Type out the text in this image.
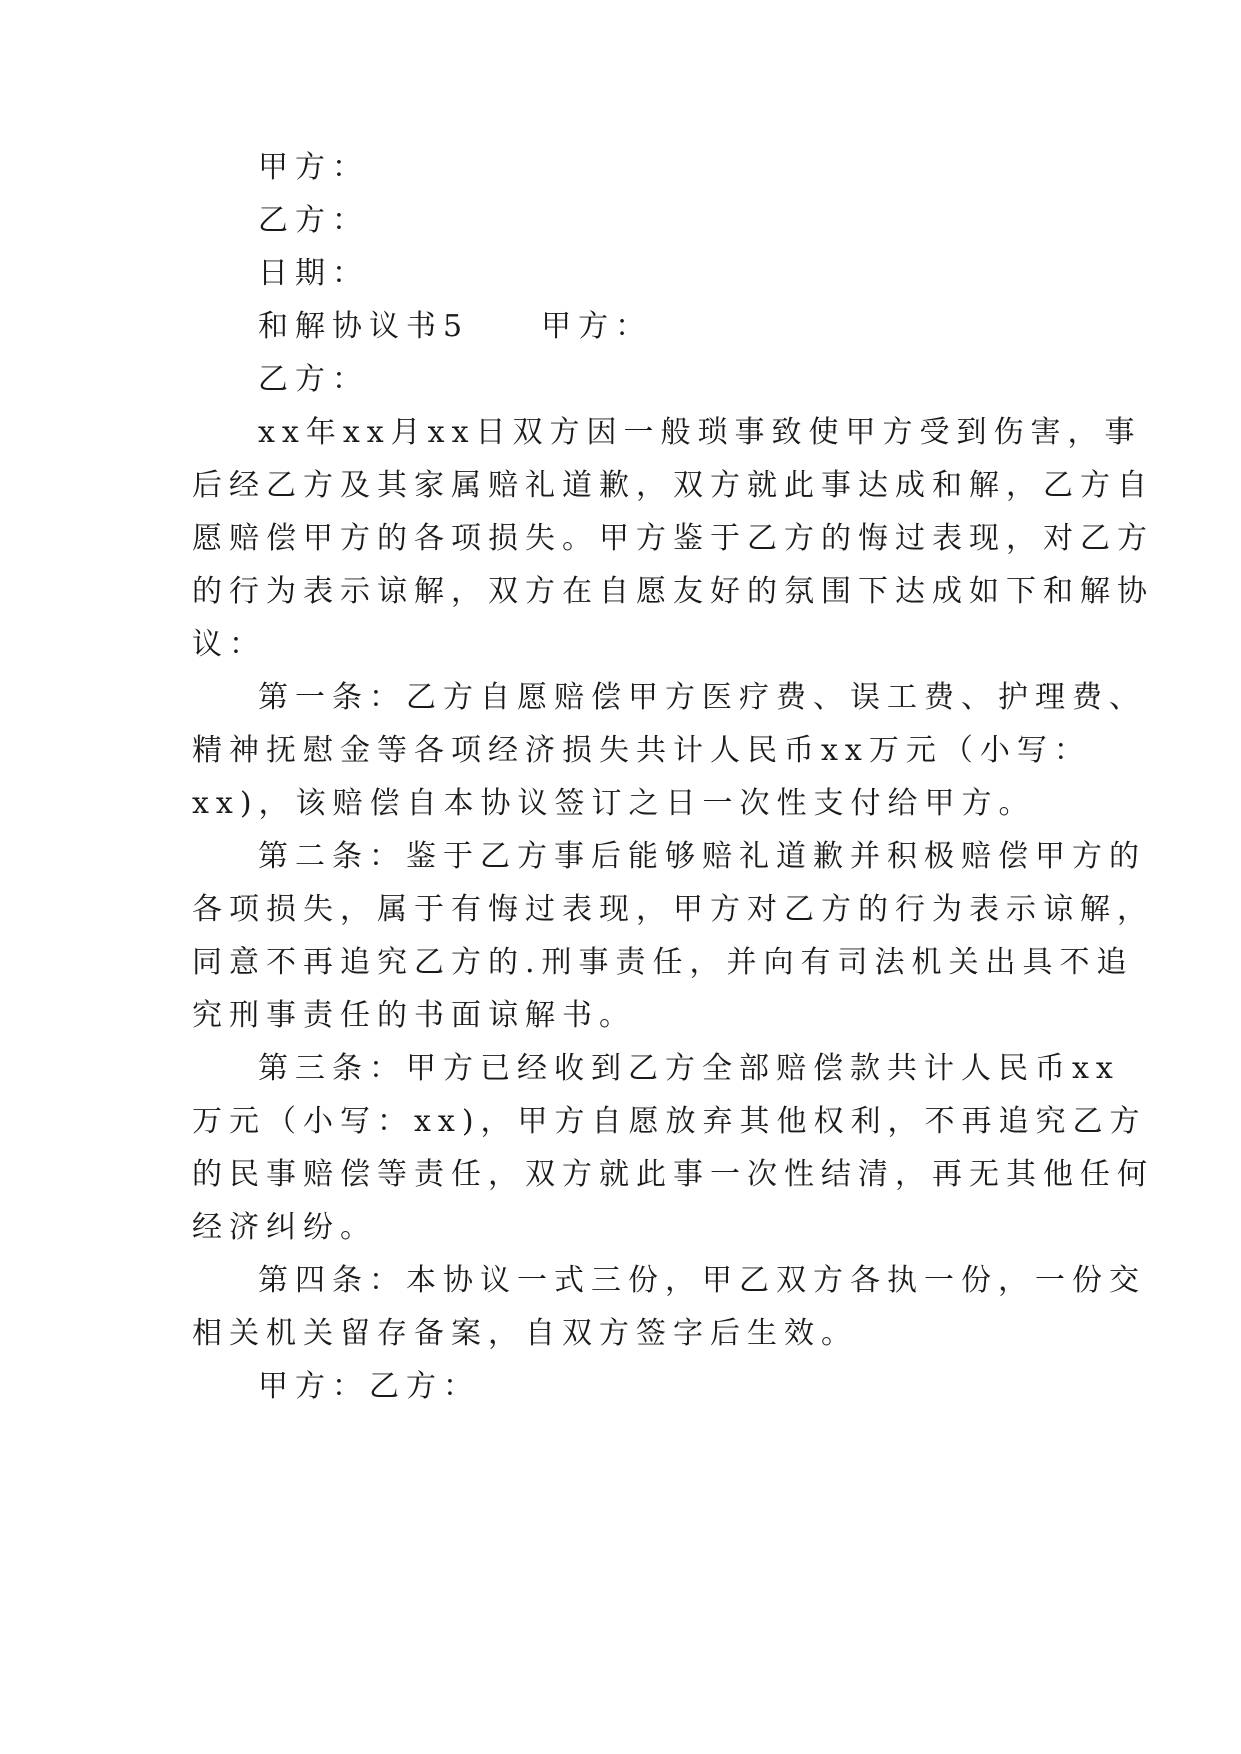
甲方：
乙方：
日期：
和解协议书5 甲方：
乙方：
xx年xx月xx日双方因一般琐事致使甲方受到伤害，事
后经乙方及其家属赔礼道歉，双方就此事达成和解，乙方自
愿赔偿甲方的各项损失。甲方鉴于乙方的悔过表现，对乙方
的行为表示谅解，双方在自愿友好的氛围下达成如下和解协
议：
第一条：乙方自愿赔偿甲方医疗费、误工费、护理费、
精神抚慰金等各项经济损失共计人民币xx万元（小写：
xx)，该赔偿自本协议签订之日一次性支付给甲方。
第二条：鉴于乙方事后能够赔礼道歉并积极赔偿甲方的
各项损失，属于有悔过表现，甲方对乙方的行为表示谅解，
同意不再追究乙方的.刑事责任，并向有司法机关出具不追
究刑事责任的书面谅解书。
第三条：甲方已经收到乙方全部赔偿款共计人民币xx
万元（小写：xx)，甲方自愿放弃其他权利，不再追究乙方
的民事赔偿等责任，双方就此事一次性结清，再无其他任何
经济纠纷。
第四条：本协议一式三份，甲乙双方各执一份，一份交
相关机关留存备案，自双方签字后生效。
甲方：乙方：
